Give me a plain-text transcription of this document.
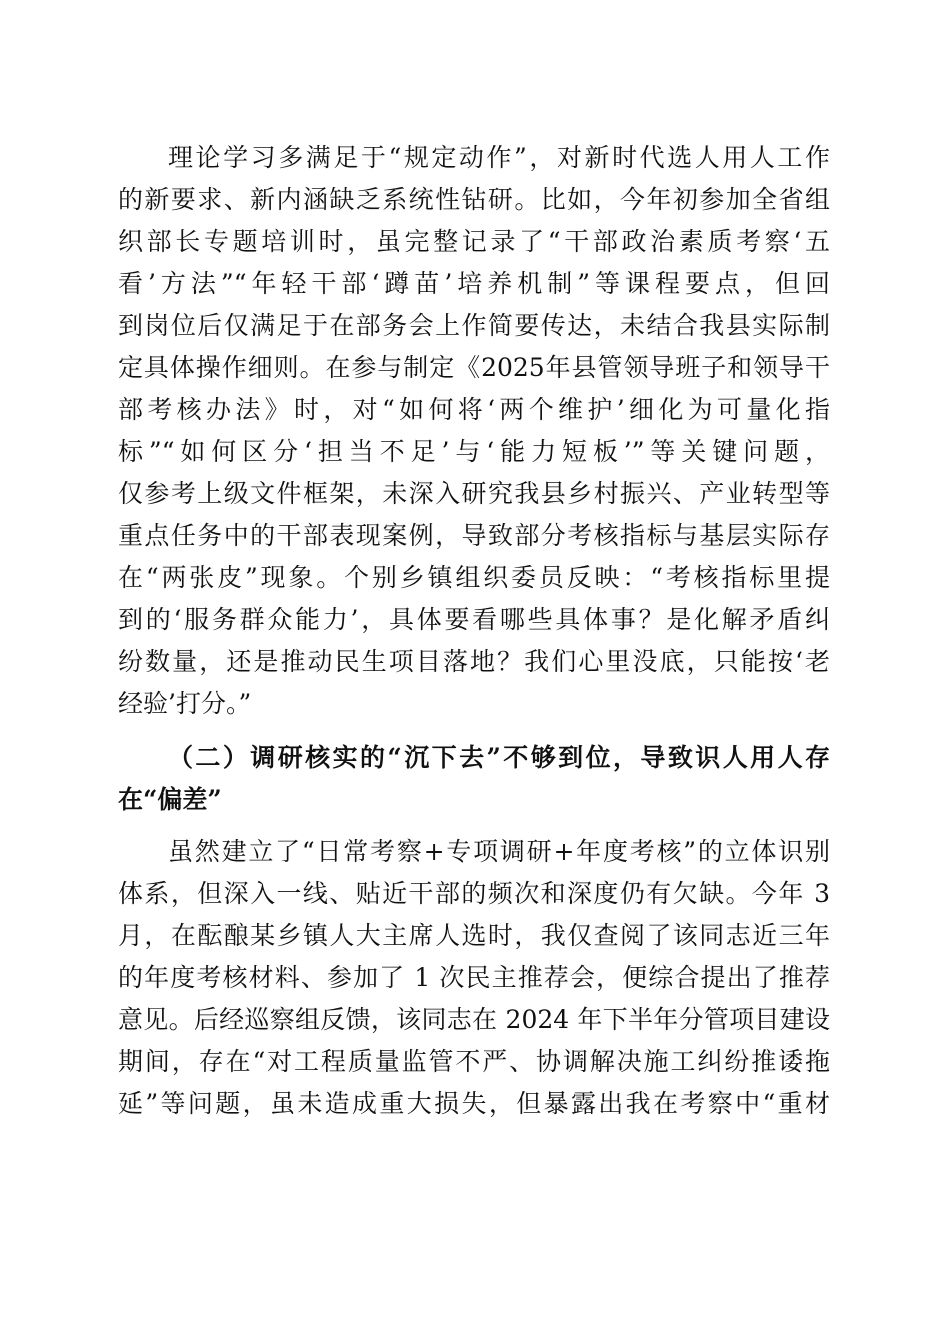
理论学习多满足于“规定动作”，对新时代选人用人工作
的新要求、新内涵缺乏系统性钻研。比如，今年初参加全省组
织部长专题培训时，虽完整记录了“干部政治素质考察‘五
看’方法”“年轻干部‘蹲苗’培养机制”等课程要点，但回
到岗位后仅满足于在部务会上作简要传达，未结合我县实际制
定具体操作细则。在参与制定《2025年县管领导班子和领导干
部考核办法》时，对“如何将‘两个维护’细化为可量化指
标”“如何区分‘担当不足’与‘能力短板’”等关键问题，
仅参考上级文件框架，未深入研究我县乡村振兴、产业转型等
重点任务中的干部表现案例，导致部分考核指标与基层实际存
在“两张皮”现象。个别乡镇组织委员反映：“考核指标里提
到的‘服务群众能力’，具体要看哪些具体事？是化解矛盾纠
纷数量，还是推动民生项目落地？我们心里没底，只能按‘老
经验’打分。”
（二）调研核实的“沉下去”不够到位，导致识人用人存
在“偏差”
虽然建立了“日常考察+专项调研+年度考核”的立体识别
体系，但深入一线、贴近干部的频次和深度仍有欠缺。今年 3
月，在酝酿某乡镇人大主席人选时，我仅查阅了该同志近三年
的年度考核材料、参加了 1 次民主推荐会，便综合提出了推荐
意见。后经巡察组反馈，该同志在 2024 年下半年分管项目建设
期间，存在“对工程质量监管不严、协调解决施工纠纷推诿拖
延”等问题，虽未造成重大损失，但暴露出我在考察中“重材
